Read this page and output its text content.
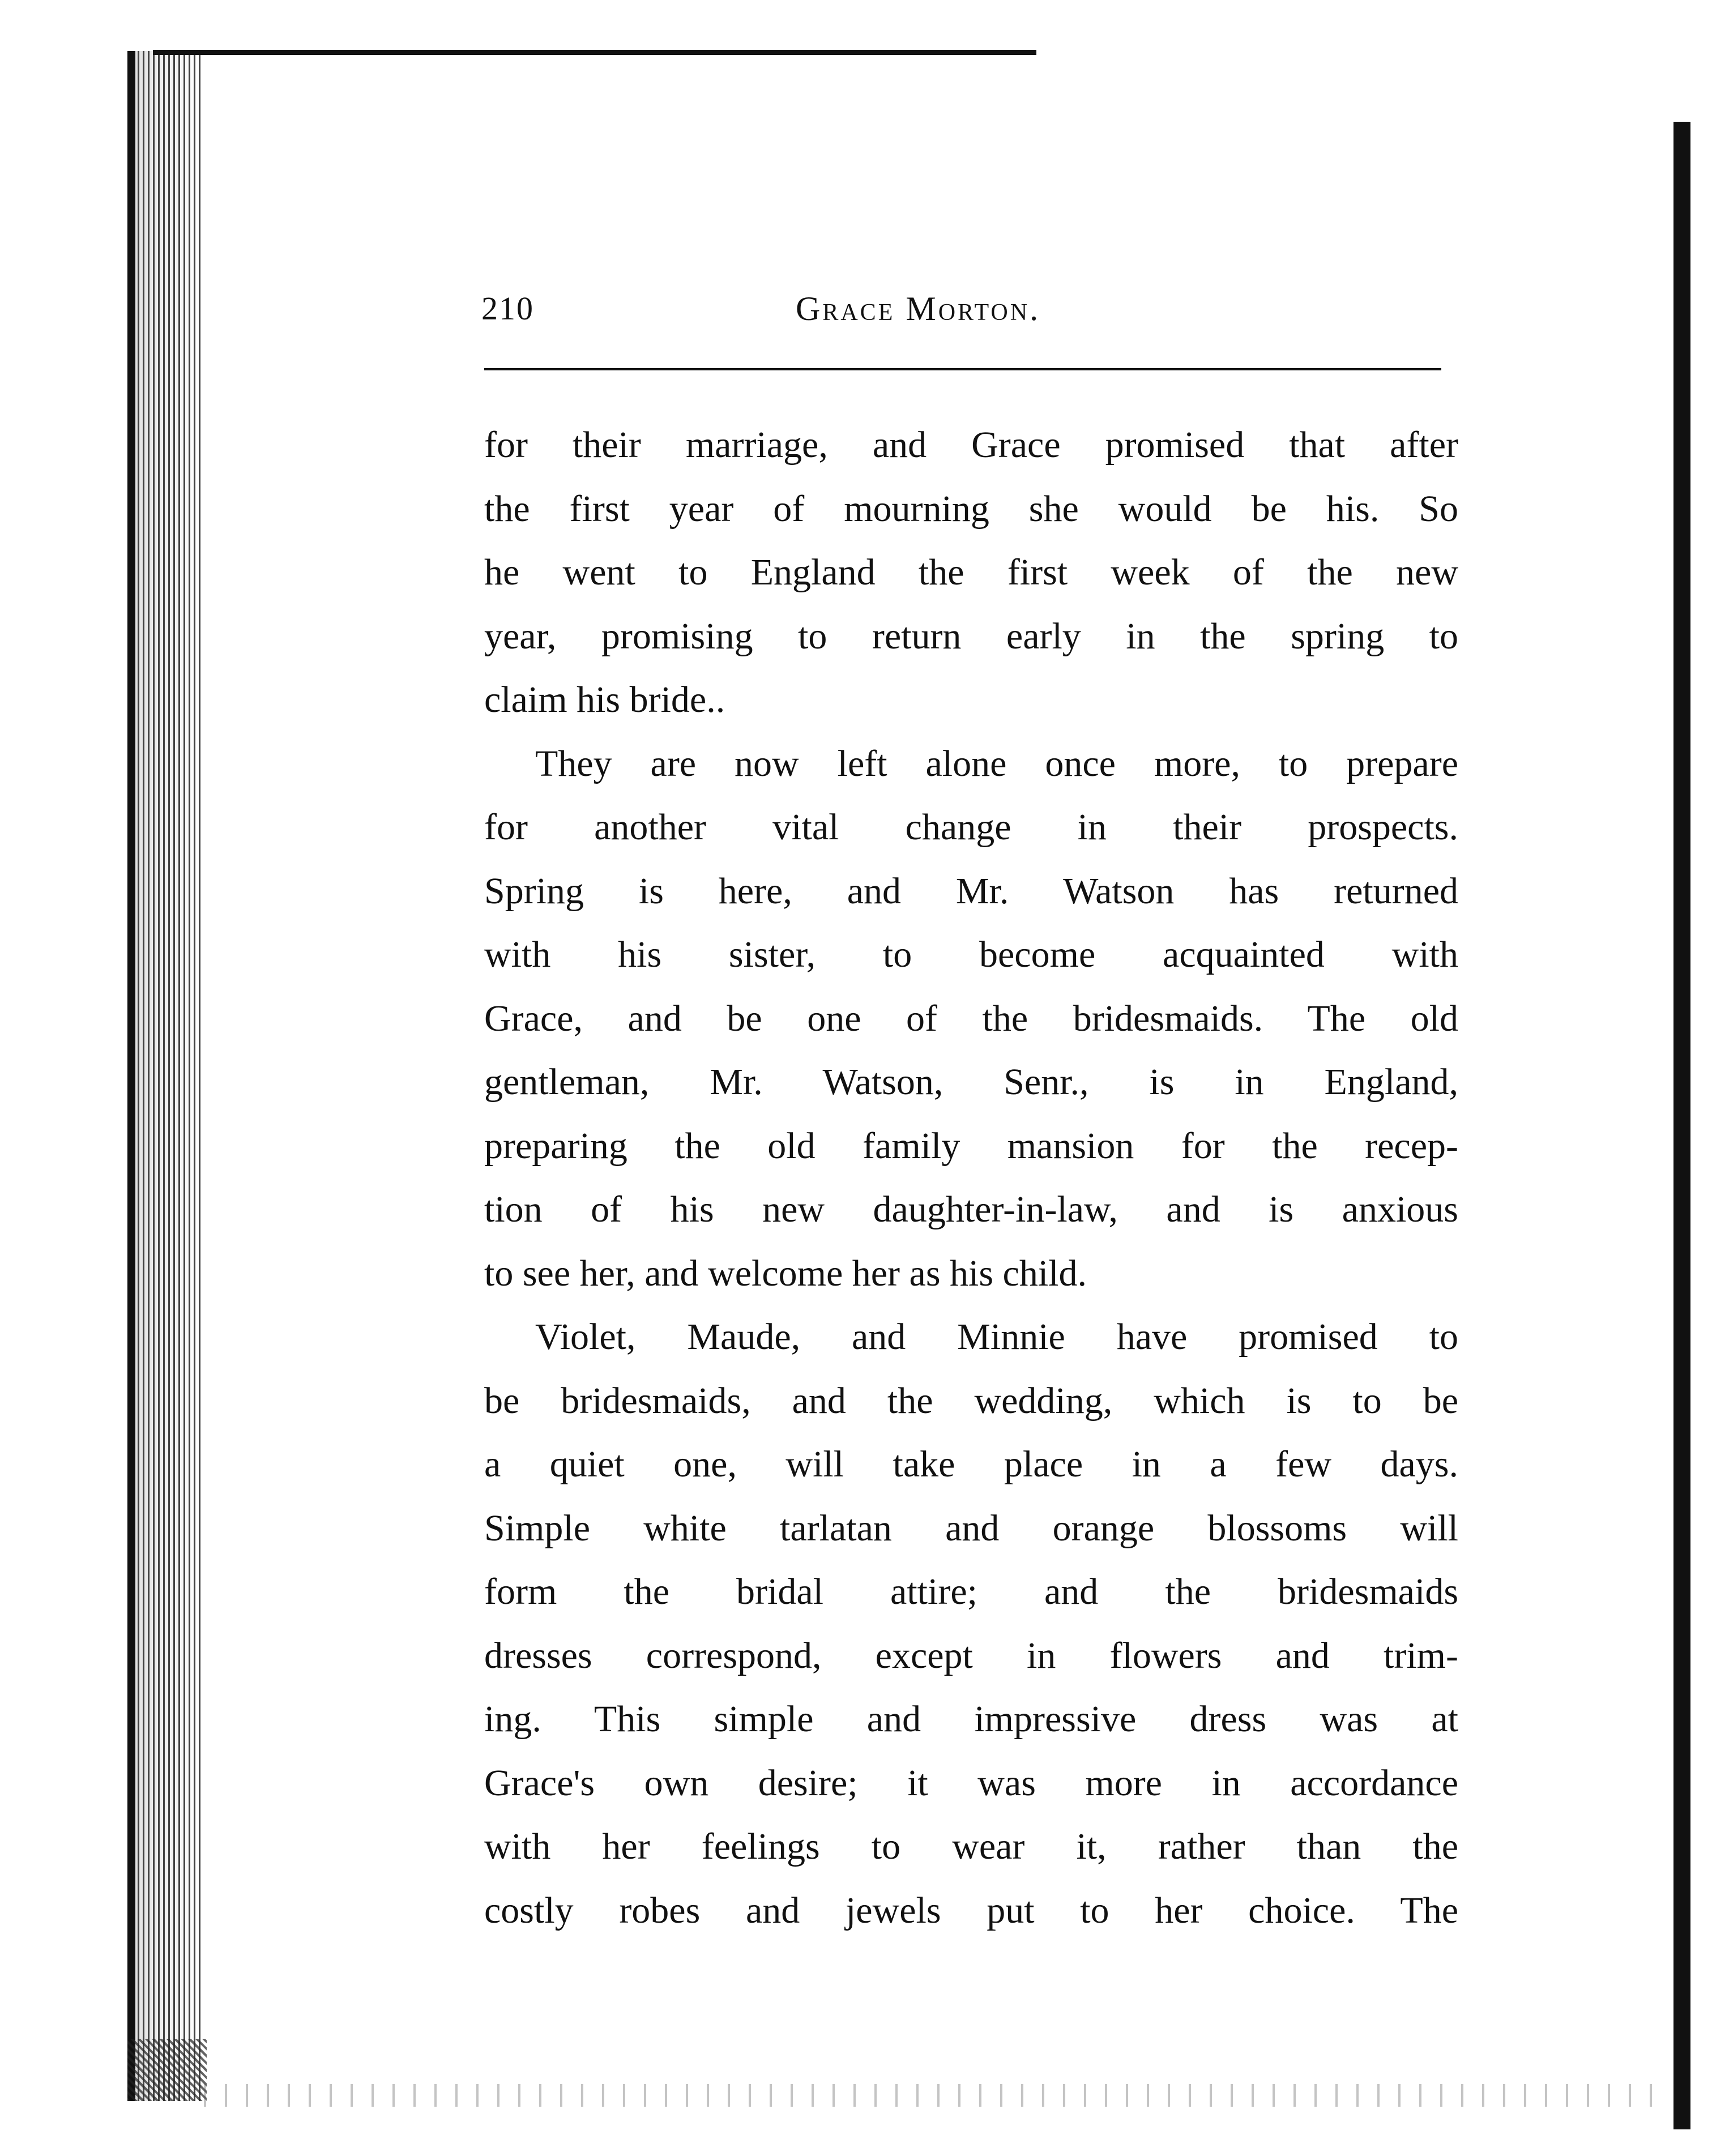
210	Grace Morton.
for their marriage, and Grace promised that after
the first year of mourning she would be his. So
he went to England the first week of the new
year, promising to return early in the spring to
claim his bride..
They are now left alone once more, to prepare
for another vital change in their prospects.
Spring is here, and Mr. Watson has returned
with his sister, to become acquainted with
Grace, and be one of the bridesmaids. The old
gentleman, Mr. Watson, Senr., is in England,
preparing the old family mansion for the recep-
tion of his new daughter-in-law, and is anxious
to see her, and welcome her as his child.
Violet, Maude, and Minnie have promised to
be bridesmaids, and the wedding, which is to be
a quiet one, will take place in a few days.
Simple white tarlatan and orange blossoms will
form the bridal attire; and the bridesmaids
dresses correspond, except in flowers and trim-
ing. This simple and impressive dress was at
Grace's own desire; it was more in accordance
with her feelings to wear it, rather than the
costly robes and jewels put to her choice. The
